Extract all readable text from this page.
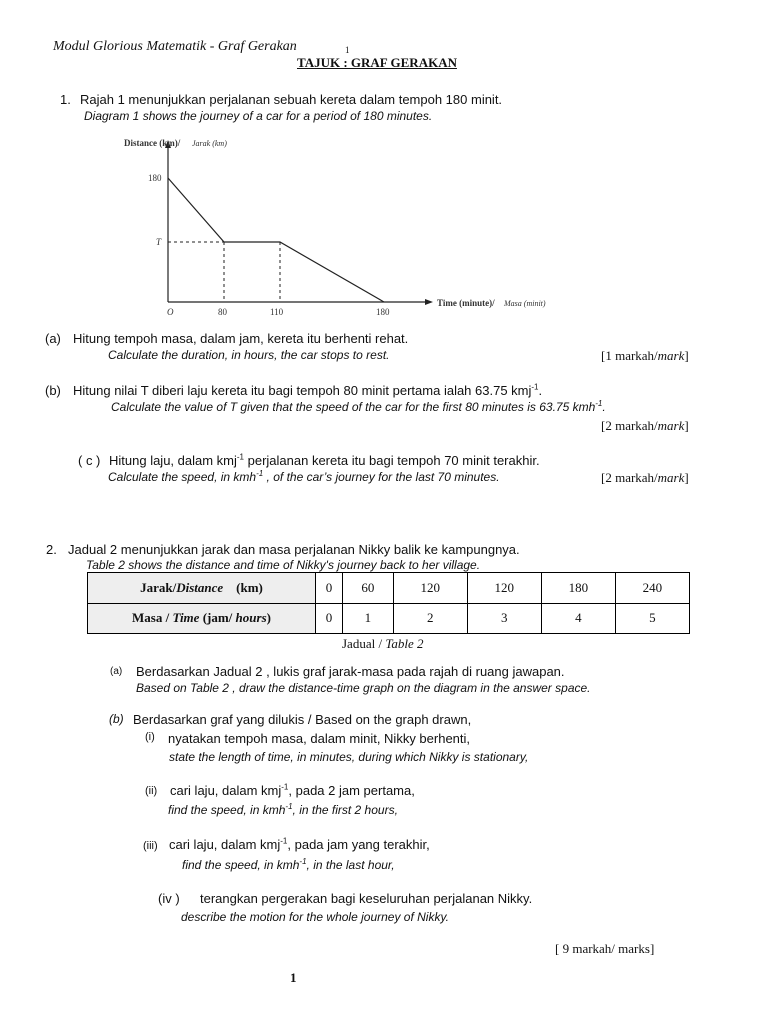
Modul Glorious Matematik - Graf Gerakan	1
TAJUK : GRAF GERAKAN
1. Rajah 1 menunjukkan perjalanan sebuah kereta dalam tempoh 180 minit.
Diagram 1 shows the journey of a car for a period of 180 minutes.
Distance (km)/ Jarak (km)
180
T
O	80	110	180
Time (minute)/ Masa (minit)
(a) Hitung tempoh masa, dalam jam, kereta itu berhenti rehat.
Calculate the duration, in hours, the car stops to rest.	[1 markah/mark]
(b) Hitung nilai T diberi laju kereta itu bagi tempoh 80 minit pertama ialah 63.75 kmj$^{-1}$.
Calculate the value of T given that the speed of the car for the first 80 minutes is 63.75 kmh$^{-1}$.
[2 markah/mark]
( c ) Hitung laju, dalam kmj$^{-1}$ perjalanan kereta itu bagi tempoh 70 minit terakhir.
Calculate the speed, in kmh$^{-1}$ , of the car’s journey for the last 70 minutes.	[2 markah/mark]
2. Jadual 2 menunjukkan jarak dan masa perjalanan Nikky balik ke kampungnya.
Table 2 shows the distance and time of Nikky's journey back to her village.
Jarak/Distance (km)	0	60	120	120	180	240
Masa / Time (jam/ hours)	0	1	2	3	4	5
Jadual / Table 2
(a) Berdasarkan Jadual 2 , lukis graf jarak-masa pada rajah di ruang jawapan.
Based on Table 2 , draw the distance-time graph on the diagram in the answer space.
(b) Berdasarkan graf yang dilukis / Based on the graph drawn,
(i) nyatakan tempoh masa, dalam minit, Nikky berhenti,
state the length of time, in minutes, during which Nikky is stationary,
(ii) cari laju, dalam kmj$^{-1}$, pada 2 jam pertama,
find the speed, in kmh$^{-1}$, in the first 2 hours,
(iii) cari laju, dalam kmj$^{-1}$, pada jam yang terakhir,
find the speed, in kmh$^{-1}$, in the last hour,
(iv ) terangkan pergerakan bagi keseluruhan perjalanan Nikky.
describe the motion for the whole journey of Nikky.
[ 9 markah/ marks]
1
